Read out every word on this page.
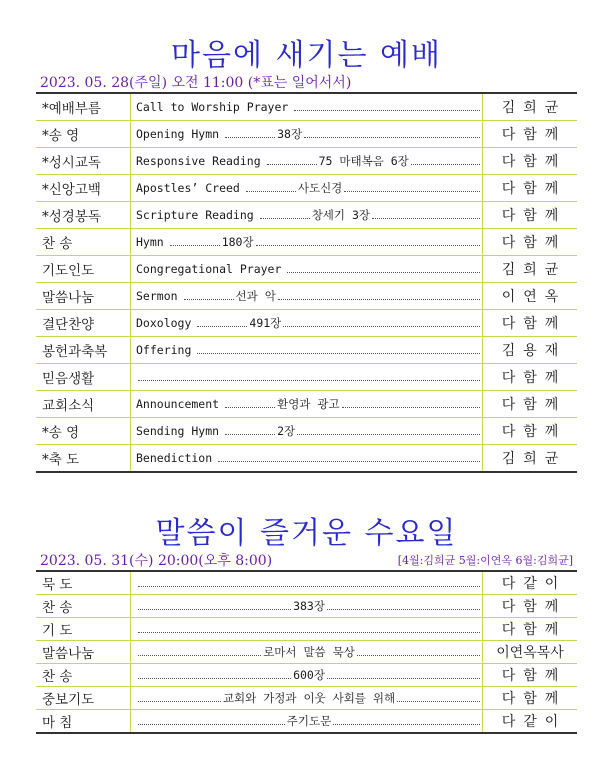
마음에 새기는 예배
2023. 05. 28(주일) 오전 11:00 (*표는 일어서서)
*예배부름	Call to Worship Prayer	김희균
*송 영	Opening Hymn 38장	다함께
*성시교독	Responsive Reading 75 마태복음 6장	다함께
*신앙고백	Apostles’ Creed 사도신경	다함께
*성경봉독	Scripture Reading 창세기 3장	다함께
찬 송	Hymn 180장	다함께
기도인도	Congregational Prayer	김희균
말씀나눔	Sermon 선과 악	이연옥
결단찬양	Doxology 491장	다함께
봉헌과축복	Offering	김용재
믿음생활		다함께
교회소식	Announcement 환영과 광고	다함께
*송 영	Sending Hymn 2장	다함께
*축 도	Benediction	김희균
말씀이 즐거운 수요일
2023. 05. 31(수) 20:00(오후 8:00)	[4월:김희균 5월:이연옥 6월:김희균]
묵 도		다같이
찬 송	383장	다함께
기 도		다함께
말씀나눔	로마서 말씀 묵상	이연옥목사
찬 송	600장	다함께
중보기도	교회와 가정과 이웃 사회를 위해	다함께
마 침	주기도문	다같이
